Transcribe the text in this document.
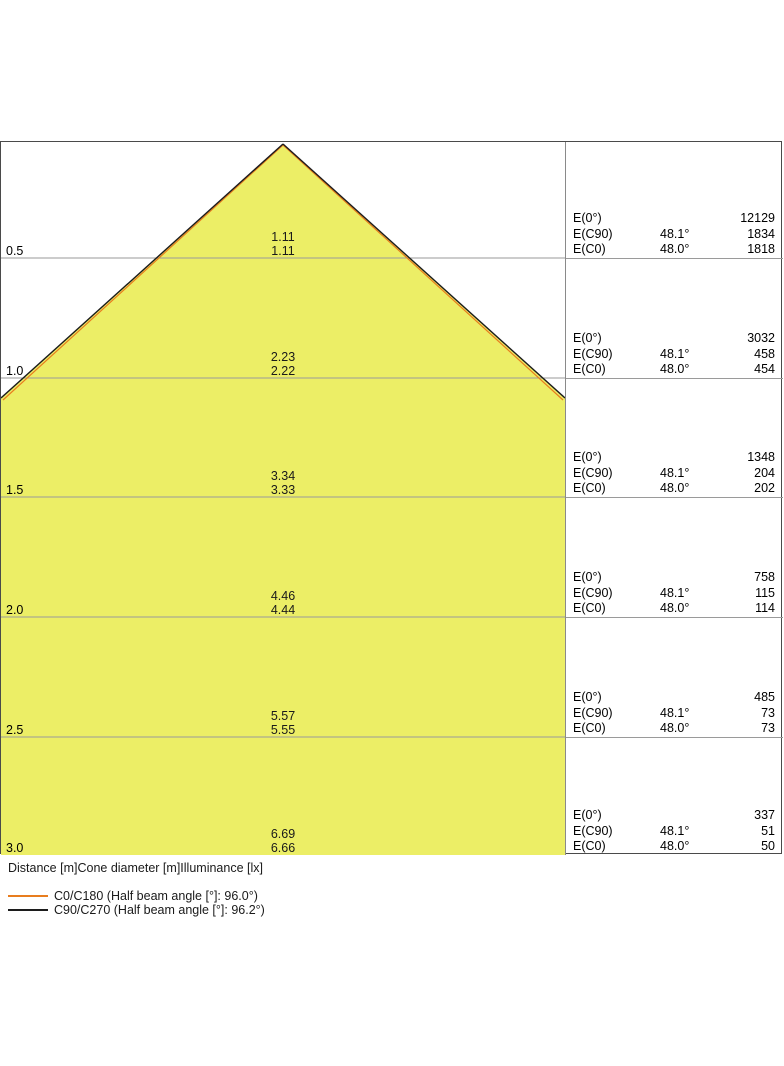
0.5
1.0
1.5
2.0
2.5
3.0
1.11
1.11
2.23
2.22
3.34
3.33
4.46
4.44
5.57
5.55
6.69
6.66
E(0°)	12129
E(C90)	48.1°	1834
E(C0)	48.0°	1818
E(0°)	3032
E(C90)	48.1°	458
E(C0)	48.0°	454
E(0°)	1348
E(C90)	48.1°	204
E(C0)	48.0°	202
E(0°)	758
E(C90)	48.1°	115
E(C0)	48.0°	114
E(0°)	485
E(C90)	48.1°	73
E(C0)	48.0°	73
E(0°)	337
E(C90)	48.1°	51
E(C0)	48.0°	50
Distance [m]Cone diameter [m]Illuminance [lx]
C0/C180 (Half beam angle [°]: 96.0°)
C90/C270 (Half beam angle [°]: 96.2°)
